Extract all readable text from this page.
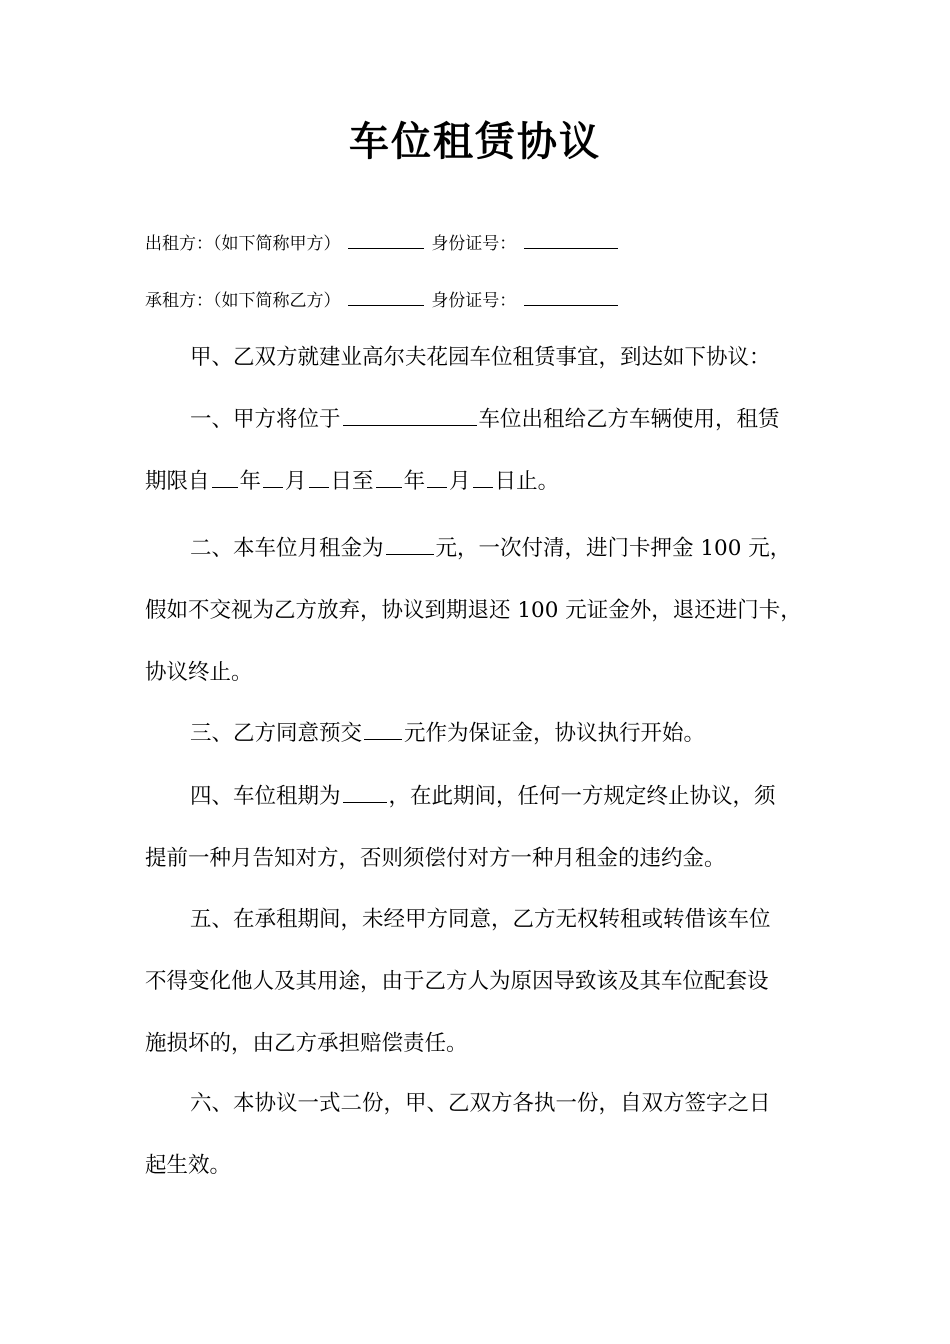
车位租赁协议
出租方：（如下简称甲方）	身份证号：
承租方：（如下简称乙方）	身份证号：
甲、乙双方就建业高尔夫花园车位租赁事宜，到达如下协议：
一、甲方将位于	车位出租给乙方车辆使用，租赁
期限自 年 月 日至 年 月 日止。
二、本车位月租金为 元，一次付清，进门卡押金 100 元，
假如不交视为乙方放弃，协议到期退还 100 元证金外，退还进门卡，
协议终止。
三、乙方同意预交 元作为保证金，协议执行开始。
四、车位租期为 ，在此期间，任何一方规定终止协议，须
提前一种月告知对方，否则须偿付对方一种月租金的违约金。
五、在承租期间，未经甲方同意，乙方无权转租或转借该车位
不得变化他人及其用途，由于乙方人为原因导致该及其车位配套设
施损坏的，由乙方承担赔偿责任。
六、本协议一式二份，甲、乙双方各执一份，自双方签字之日
起生效。
